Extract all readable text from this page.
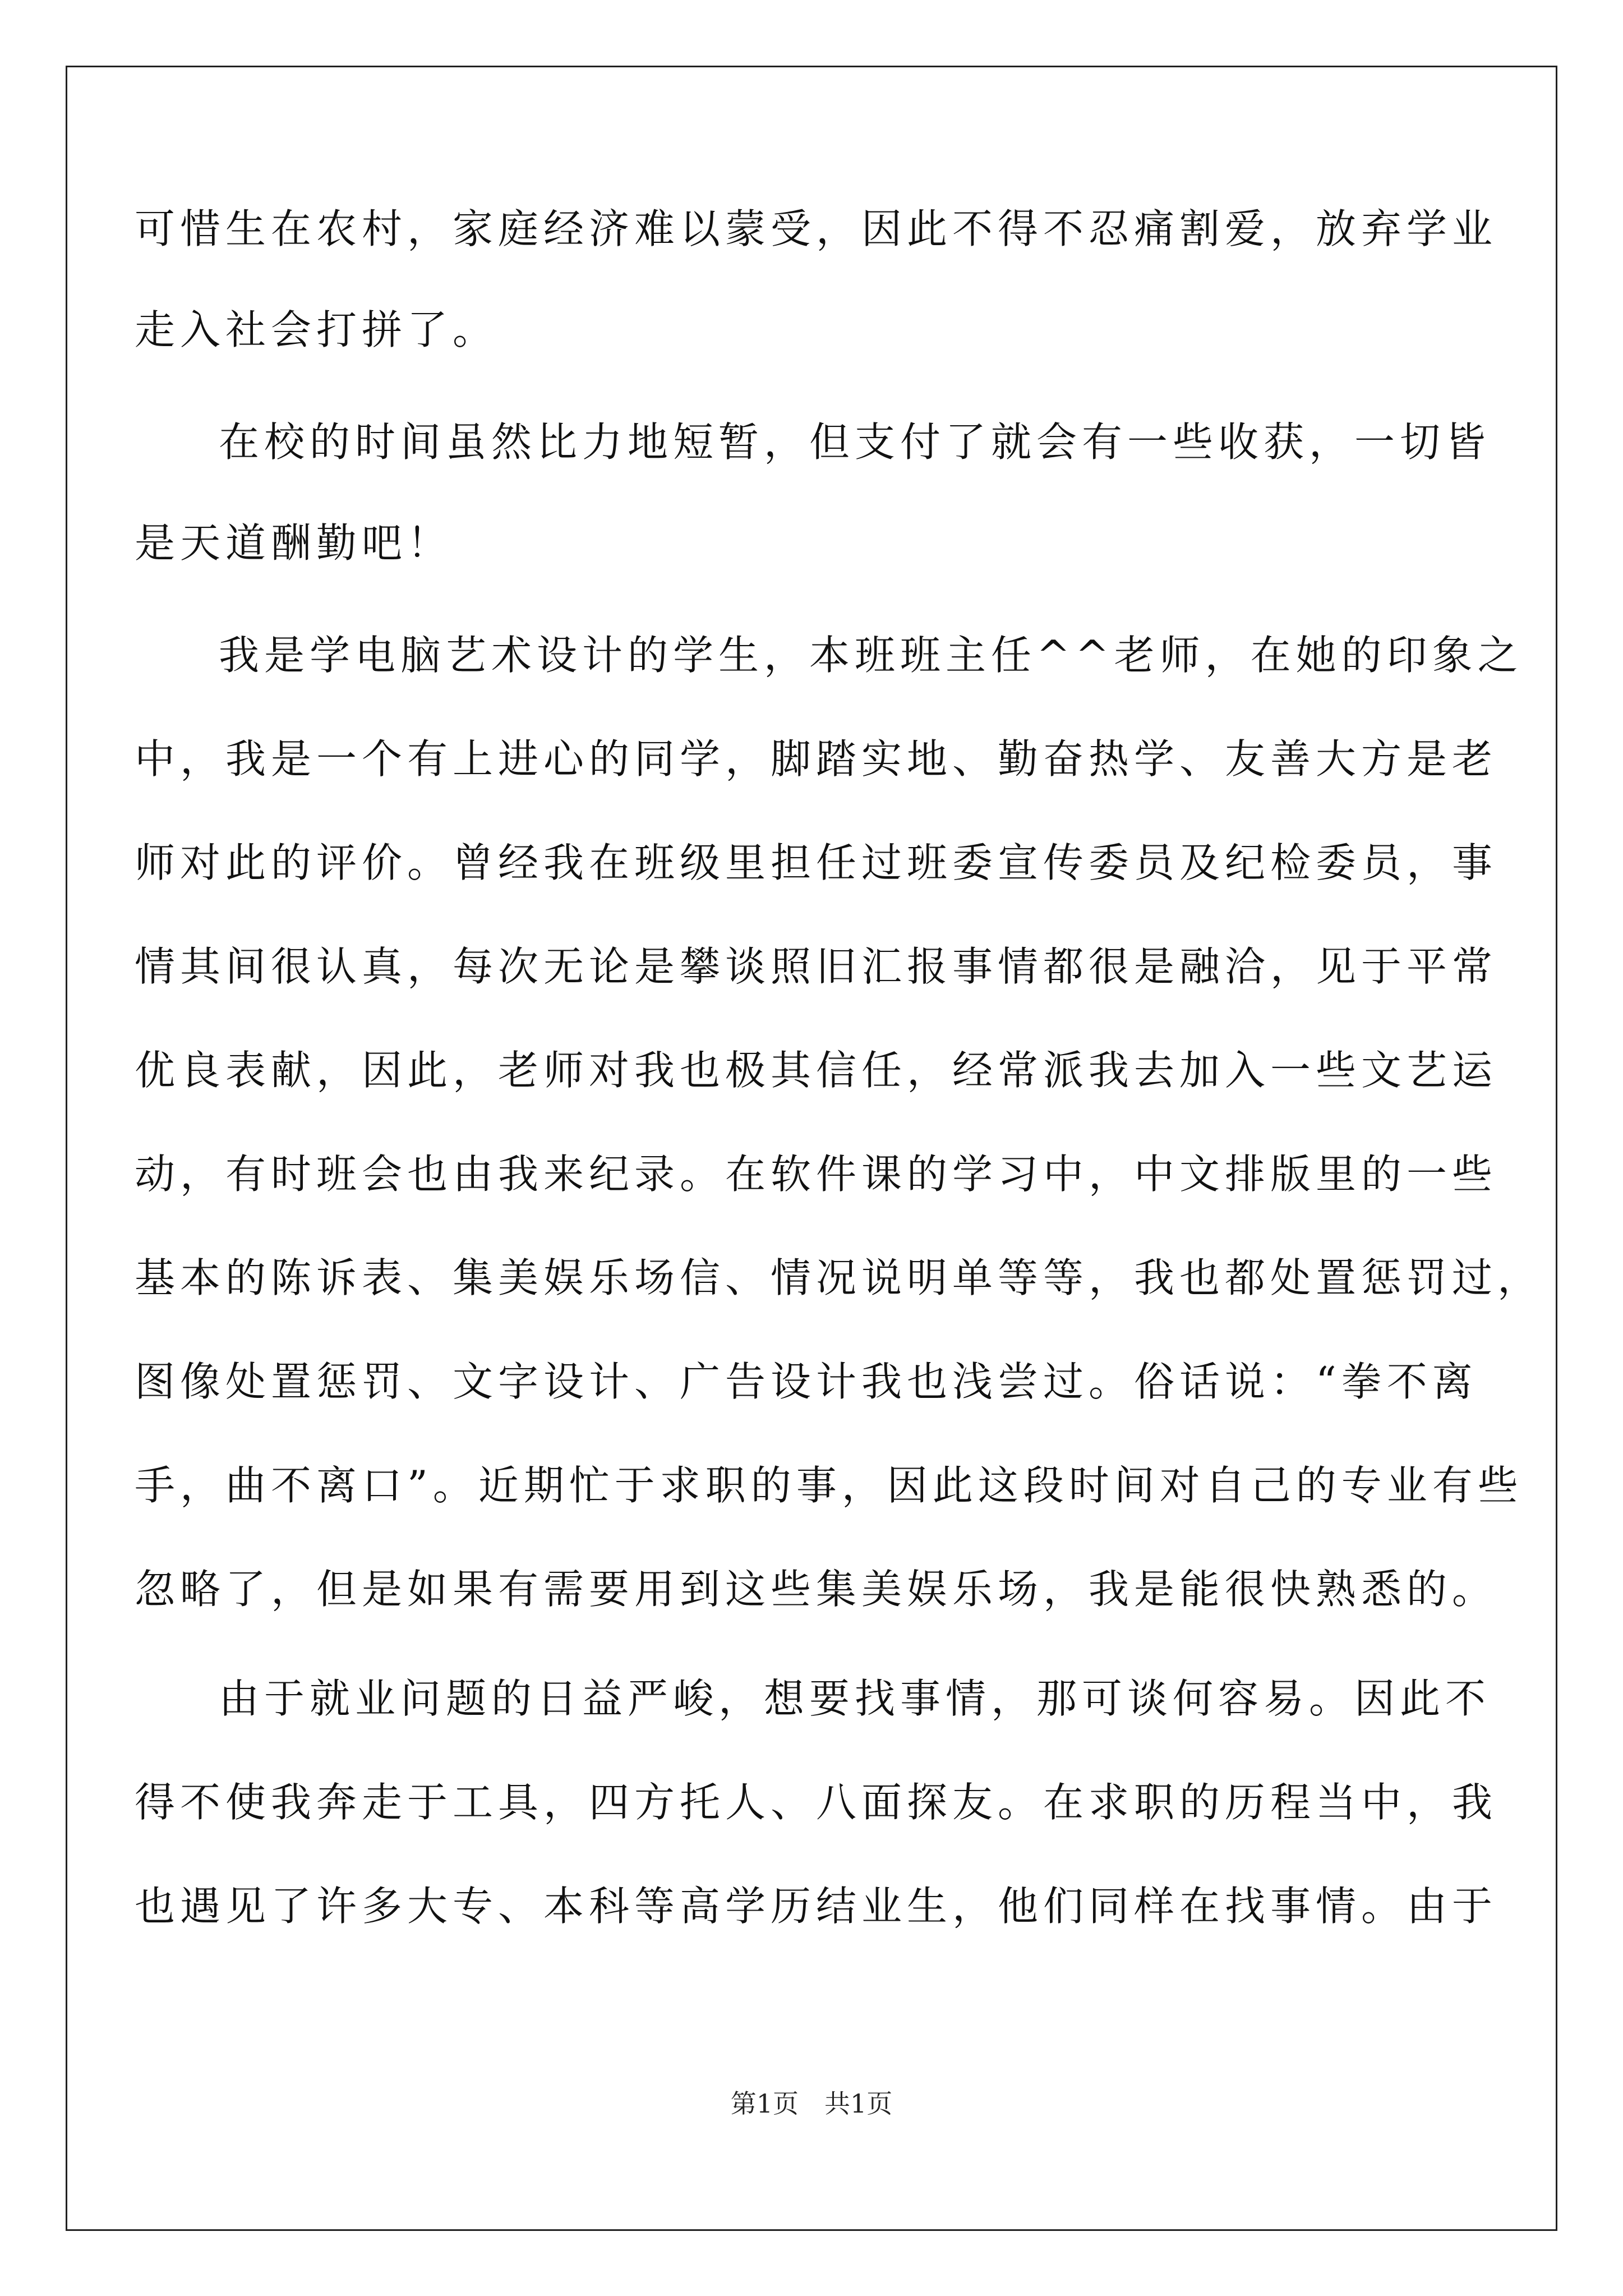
可惜生在农村，家庭经济难以蒙受，因此不得不忍痛割爱，放弃学业
走入社会打拼了。
在校的时间虽然比力地短暂，但支付了就会有一些收获，一切皆
是天道酬勤吧！
我是学电脑艺术设计的学生，本班班主任^^老师，在她的印象之
中，我是一个有上进心的同学，脚踏实地、勤奋热学、友善大方是老
师对此的评价。曾经我在班级里担任过班委宣传委员及纪检委员，事
情其间很认真，每次无论是攀谈照旧汇报事情都很是融洽，见于平常
优良表献，因此，老师对我也极其信任，经常派我去加入一些文艺运
动，有时班会也由我来纪录。在软件课的学习中，中文排版里的一些
基本的陈诉表、集美娱乐场信、情况说明单等等，我也都处置惩罚过，
图像处置惩罚、文字设计、广告设计我也浅尝过。俗话说：“拳不离
手，曲不离口”。近期忙于求职的事，因此这段时间对自己的专业有些
忽略了，但是如果有需要用到这些集美娱乐场，我是能很快熟悉的。
由于就业问题的日益严峻，想要找事情，那可谈何容易。因此不
得不使我奔走于工具，四方托人、八面探友。在求职的历程当中，我
也遇见了许多大专、本科等高学历结业生，他们同样在找事情。由于
第1页　共1页
